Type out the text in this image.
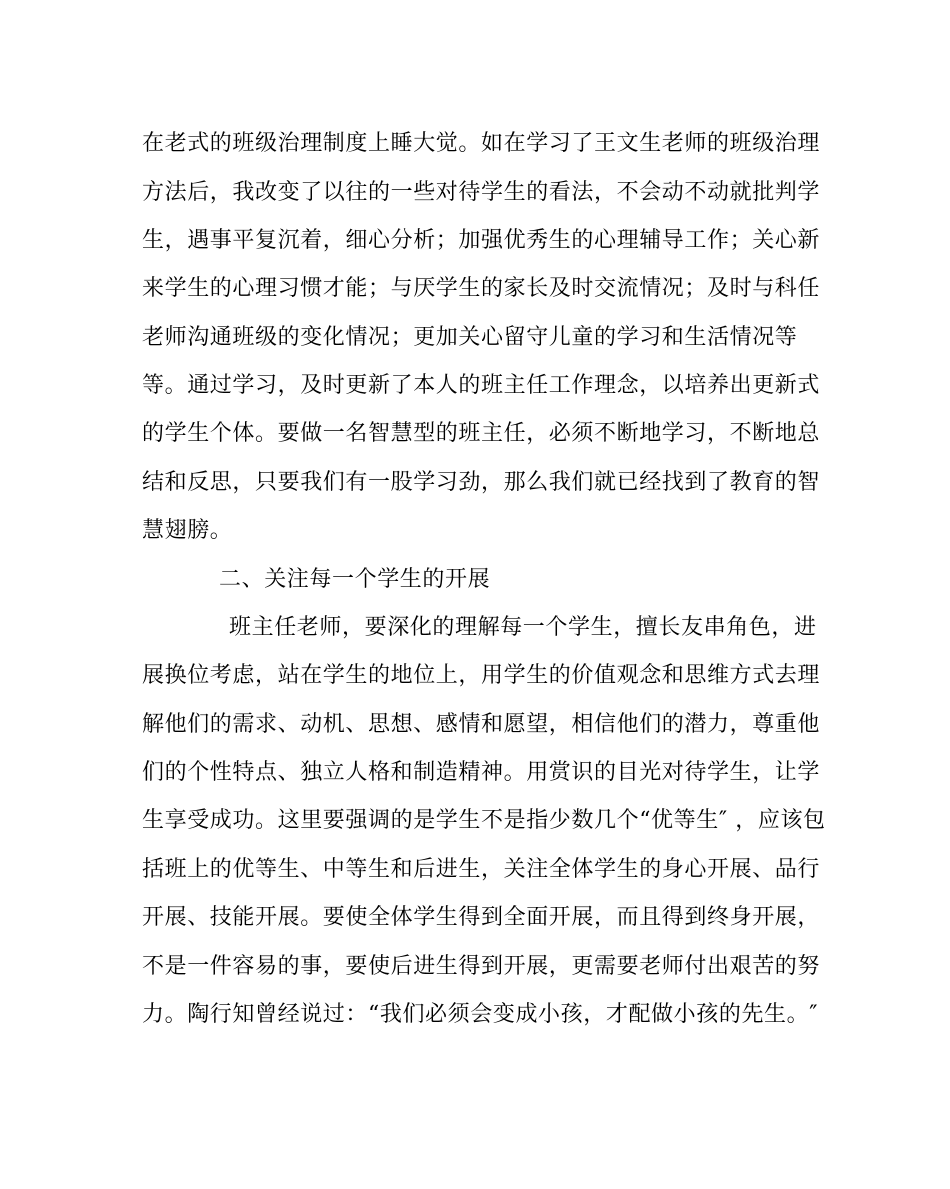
在老式的班级治理制度上睡大觉。如在学习了王文生老师的班级治理
方法后，我改变了以往的一些对待学生的看法，不会动不动就批判学
生，遇事平复沉着，细心分析；加强优秀生的心理辅导工作；关心新
来学生的心理习惯才能；与厌学生的家长及时交流情况；及时与科任
老师沟通班级的变化情况；更加关心留守儿童的学习和生活情况等
等。通过学习，及时更新了本人的班主任工作理念，以培养出更新式
的学生个体。要做一名智慧型的班主任，必须不断地学习，不断地总
结和反思，只要我们有一股学习劲，那么我们就已经找到了教育的智
慧翅膀。
二、关注每一个学生的开展
班主任老师，要深化的理解每一个学生，擅长友串角色，进
展换位考虑，站在学生的地位上，用学生的价值观念和思维方式去理
解他们的需求、动机、思想、感情和愿望，相信他们的潜力，尊重他
们的个性特点、独立人格和制造精神。用赏识的目光对待学生，让学
生享受成功。这里要强调的是学生不是指少数几个“优等生″ ，应该包
括班上的优等生、中等生和后进生，关注全体学生的身心开展、品行
开展、技能开展。要使全体学生得到全面开展，而且得到终身开展，
不是一件容易的事，要使后进生得到开展，更需要老师付出艰苦的努
力。陶行知曾经说过：“我们必须会变成小孩，才配做小孩的先生。″
